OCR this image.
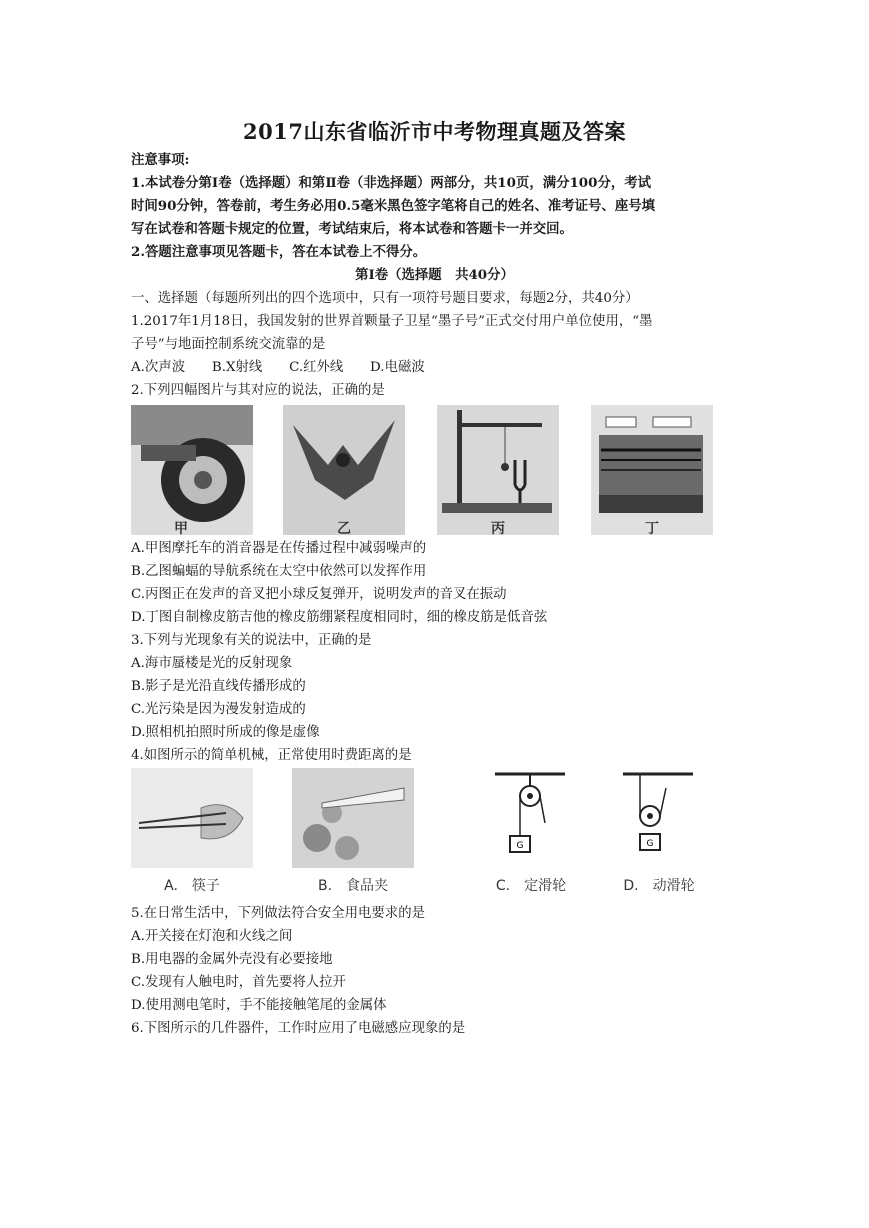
2017山东省临沂市中考物理真题及答案
注意事项:
1.本试卷分第Ⅰ卷（选择题）和第Ⅱ卷（非选择题）两部分，共10页，满分100分，考试
时间90分钟，答卷前，考生务必用0.5毫米黑色签字笔将自己的姓名、准考证号、座号填
写在试卷和答题卡规定的位置，考试结束后，将本试卷和答题卡一并交回。
2.答题注意事项见答题卡，答在本试卷上不得分。
第Ⅰ卷（选择题　共40分）
一、选择题（每题所列出的四个选项中，只有一项符号题目要求，每题2分，共40分）
1.2017年1月18日，我国发射的世界首颗量子卫星“墨子号”正式交付用户单位使用，“墨
子号”与地面控制系统交流靠的是
A.次声波　　B.X射线　　C.红外线　　D.电磁波
2.下列四幅图片与其对应的说法，正确的是
甲	乙	丙	丁
A.甲图摩托车的消音器是在传播过程中减弱噪声的
B.乙图蝙蝠的导航系统在太空中依然可以发挥作用
C.丙图正在发声的音叉把小球反复弹开，说明发声的音叉在振动
D.丁图自制橡皮筋吉他的橡皮筋绷紧程度相同时，细的橡皮筋是低音弦
3.下列与光现象有关的说法中，正确的是
A.海市蜃楼是光的反射现象
B.影子是光沿直线传播形成的
C.光污染是因为漫发射造成的
D.照相机拍照时所成的像是虚像
4.如图所示的简单机械，正常使用时费距离的是
G	G
A.　筷子	B.　食品夹	C.　定滑轮	D.　动滑轮
5.在日常生活中，下列做法符合安全用电要求的是
A.开关接在灯泡和火线之间
B.用电器的金属外壳没有必要接地
C.发现有人触电时，首先要将人拉开
D.使用测电笔时，手不能接触笔尾的金属体
6.下图所示的几件器件，工作时应用了电磁感应现象的是
